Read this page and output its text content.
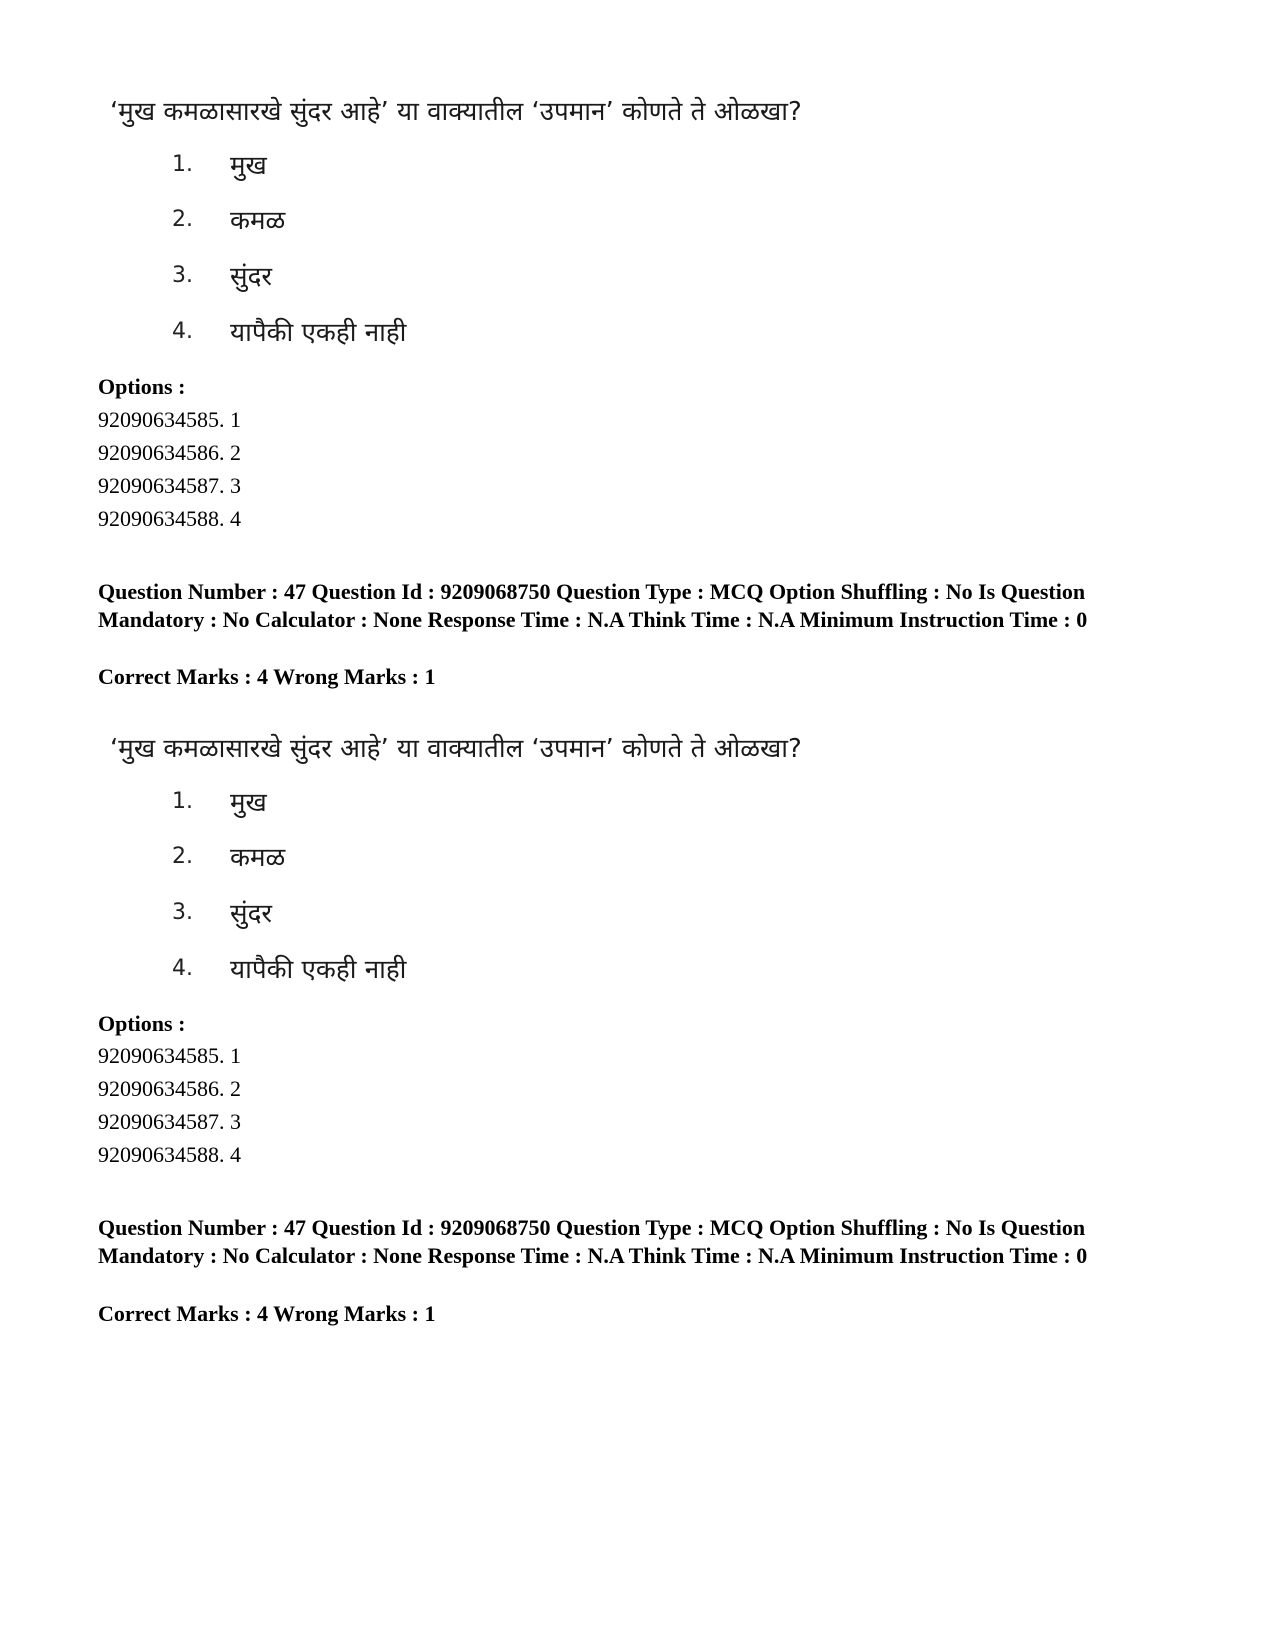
‘मुख कमळासारखे सुंदर आहे’ या वाक्यातील ‘उपमान’ कोणते ते ओळखा?
1. मुख
2. कमळ
3. सुंदर
4. यापैकी एकही नाही
Options :
92090634585. 1
92090634586. 2
92090634587. 3
92090634588. 4
Question Number : 47 Question Id : 9209068750 Question Type : MCQ Option Shuffling : No Is Question Mandatory : No Calculator : None Response Time : N.A Think Time : N.A Minimum Instruction Time : 0
Correct Marks : 4 Wrong Marks : 1
‘मुख कमळासारखे सुंदर आहे’ या वाक्यातील ‘उपमान’ कोणते ते ओळखा?
1. मुख
2. कमळ
3. सुंदर
4. यापैकी एकही नाही
Options :
92090634585. 1
92090634586. 2
92090634587. 3
92090634588. 4
Question Number : 47 Question Id : 9209068750 Question Type : MCQ Option Shuffling : No Is Question Mandatory : No Calculator : None Response Time : N.A Think Time : N.A Minimum Instruction Time : 0
Correct Marks : 4 Wrong Marks : 1
